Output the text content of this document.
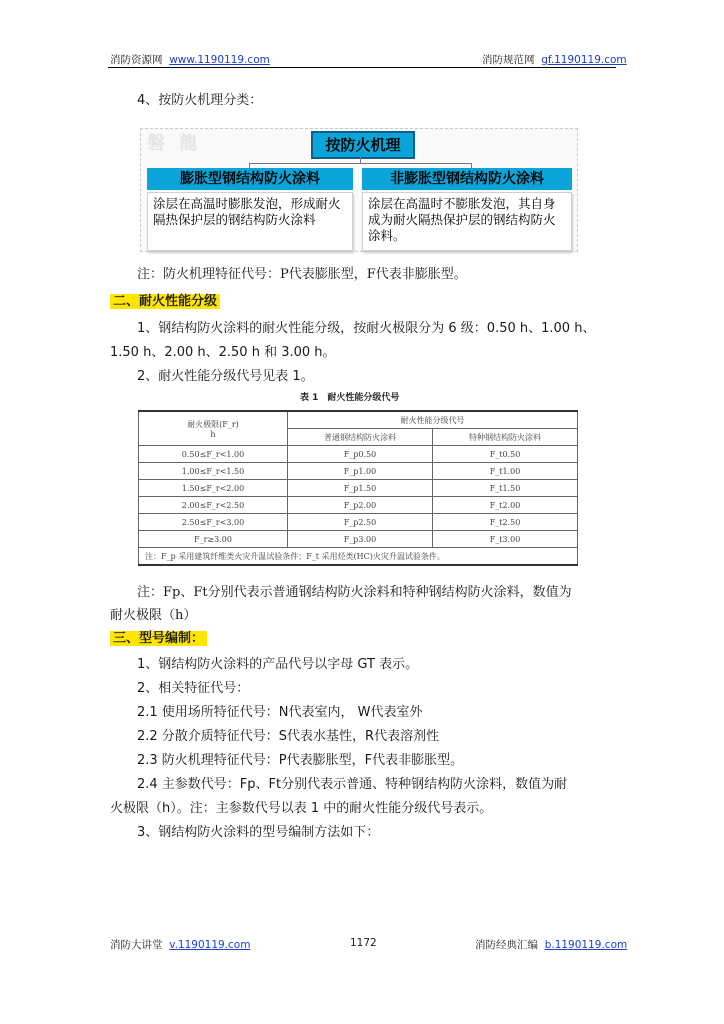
消防资源网 www.1190119.com	消防规范网 gf.1190119.com
4、按防火机理分类：
磐 龍	按防火机理
膨胀型钢结构防火涂料
涂层在高温时膨胀发泡，形成耐火隔热保护层的钢结构防火涂料
非膨胀型钢结构防火涂料
涂层在高温时不膨胀发泡，其自身成为耐火隔热保护层的钢结构防火涂料。
注：防火机理特征代号：P代表膨胀型，F代表非膨胀型。
二、耐火性能分级
1、钢结构防火涂料的耐火性能分级，按耐火极限分为 6 级：0.50 h、1.00 h、
1.50 h、2.00 h、2.50 h 和 3.00 h。
2、耐火性能分级代号见表 1。
表 1　耐火性能分级代号
耐火极限(F_r)
h	耐火性能分级代号	
	普通钢结构防火涂料	特种钢结构防火涂料
0.50≤F_r<1.00	F_p0.50	F_t0.50
1.00≤F_r<1.50	F_p1.00	F_t1.00
1.50≤F_r<2.00	F_p1.50	F_t1.50
2.00≤F_r<2.50	F_p2.00	F_t2.00
2.50≤F_r<3.00	F_p2.50	F_t2.50
F_r≥3.00	F_p3.00	F_t3.00
注：F_p 采用建筑纤维类火灾升温试验条件；F_t 采用烃类(HC)火灾升温试验条件。		
注：Fp、Ft分别代表示普通钢结构防火涂料和特种钢结构防火涂料，数值为
耐火极限（h）
三、型号编制：
1、钢结构防火涂料的产品代号以字母 GT 表示。
2、相关特征代号：
2.1 使用场所特征代号：N代表室内， W代表室外
2.2 分散介质特征代号：S代表水基性，R代表溶剂性
2.3 防火机理特征代号：P代表膨胀型，F代表非膨胀型。
2.4 主参数代号：Fp、Ft分别代表示普通、特种钢结构防火涂料，数值为耐
火极限（h）。注：主参数代号以表 1 中的耐火性能分级代号表示。
3、钢结构防火涂料的型号编制方法如下：
消防大讲堂 v.1190119.com	1172	消防经典汇编 b.1190119.com
